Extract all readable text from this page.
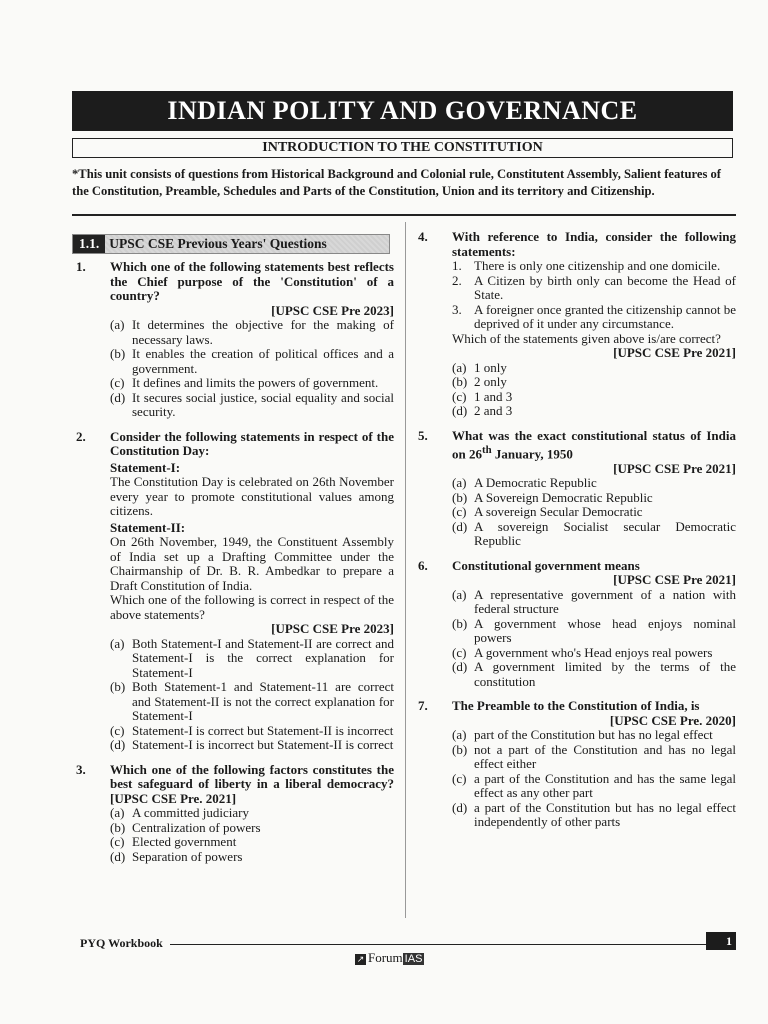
INDIAN POLITY AND GOVERNANCE
INTRODUCTION TO THE CONSTITUTION
*This unit consists of questions from Historical Background and Colonial rule, Constitutent Assembly, Salient features of the Constitution, Preamble, Schedules and Parts of the Constitution, Union and its territory and Citizenship.
1.1. UPSC CSE Previous Years' Questions
1. Which one of the following statements best reflects the Chief purpose of the 'Constitution' of a country?
[UPSC CSE Pre 2023]
(a) It determines the objective for the making of necessary laws.
(b) It enables the creation of political offices and a government.
(c) It defines and limits the powers of government.
(d) It secures social justice, social equality and social security.
2. Consider the following statements in respect of the Constitution Day:
Statement-I:
The Constitution Day is celebrated on 26th November every year to promote constitutional values among citizens.
Statement-II:
On 26th November, 1949, the Constituent Assembly of India set up a Drafting Committee under the Chairmanship of Dr. B. R. Ambedkar to prepare a Draft Constitution of India.
Which one of the following is correct in respect of the above statements?
[UPSC CSE Pre 2023]
(a) Both Statement-I and Statement-II are correct and Statement-I is the correct explanation for Statement-I
(b) Both Statement-1 and Statement-11 are correct and Statement-II is not the correct explanation for Statement-I
(c) Statement-I is correct but Statement-II is incorrect
(d) Statement-I is incorrect but Statement-II is correct
3. Which one of the following factors constitutes the best safeguard of liberty in a liberal democracy? [UPSC CSE Pre. 2021]
(a) A committed judiciary
(b) Centralization of powers
(c) Elected government
(d) Separation of powers
4. With reference to India, consider the following statements:
1. There is only one citizenship and one domicile.
2. A Citizen by birth only can become the Head of State.
3. A foreigner once granted the citizenship cannot be deprived of it under any circumstance.
Which of the statements given above is/are correct?
[UPSC CSE Pre 2021]
(a) 1 only
(b) 2 only
(c) 1 and 3
(d) 2 and 3
5. What was the exact constitutional status of India on 26th January, 1950
[UPSC CSE Pre 2021]
(a) A Democratic Republic
(b) A Sovereign Democratic Republic
(c) A sovereign Secular Democratic
(d) A sovereign Socialist secular Democratic Republic
6. Constitutional government means
[UPSC CSE Pre 2021]
(a) A representative government of a nation with federal structure
(b) A government whose head enjoys nominal powers
(c) A government who's Head enjoys real powers
(d) A government limited by the terms of the constitution
7. The Preamble to the Constitution of India, is
[UPSC CSE Pre. 2020]
(a) part of the Constitution but has no legal effect
(b) not a part of the Constitution and has no legal effect either
(c) a part of the Constitution and has the same legal effect as any other part
(d) a part of the Constitution but has no legal effect independently of other parts
PYQ Workbook	1
↗ Forum IAS
